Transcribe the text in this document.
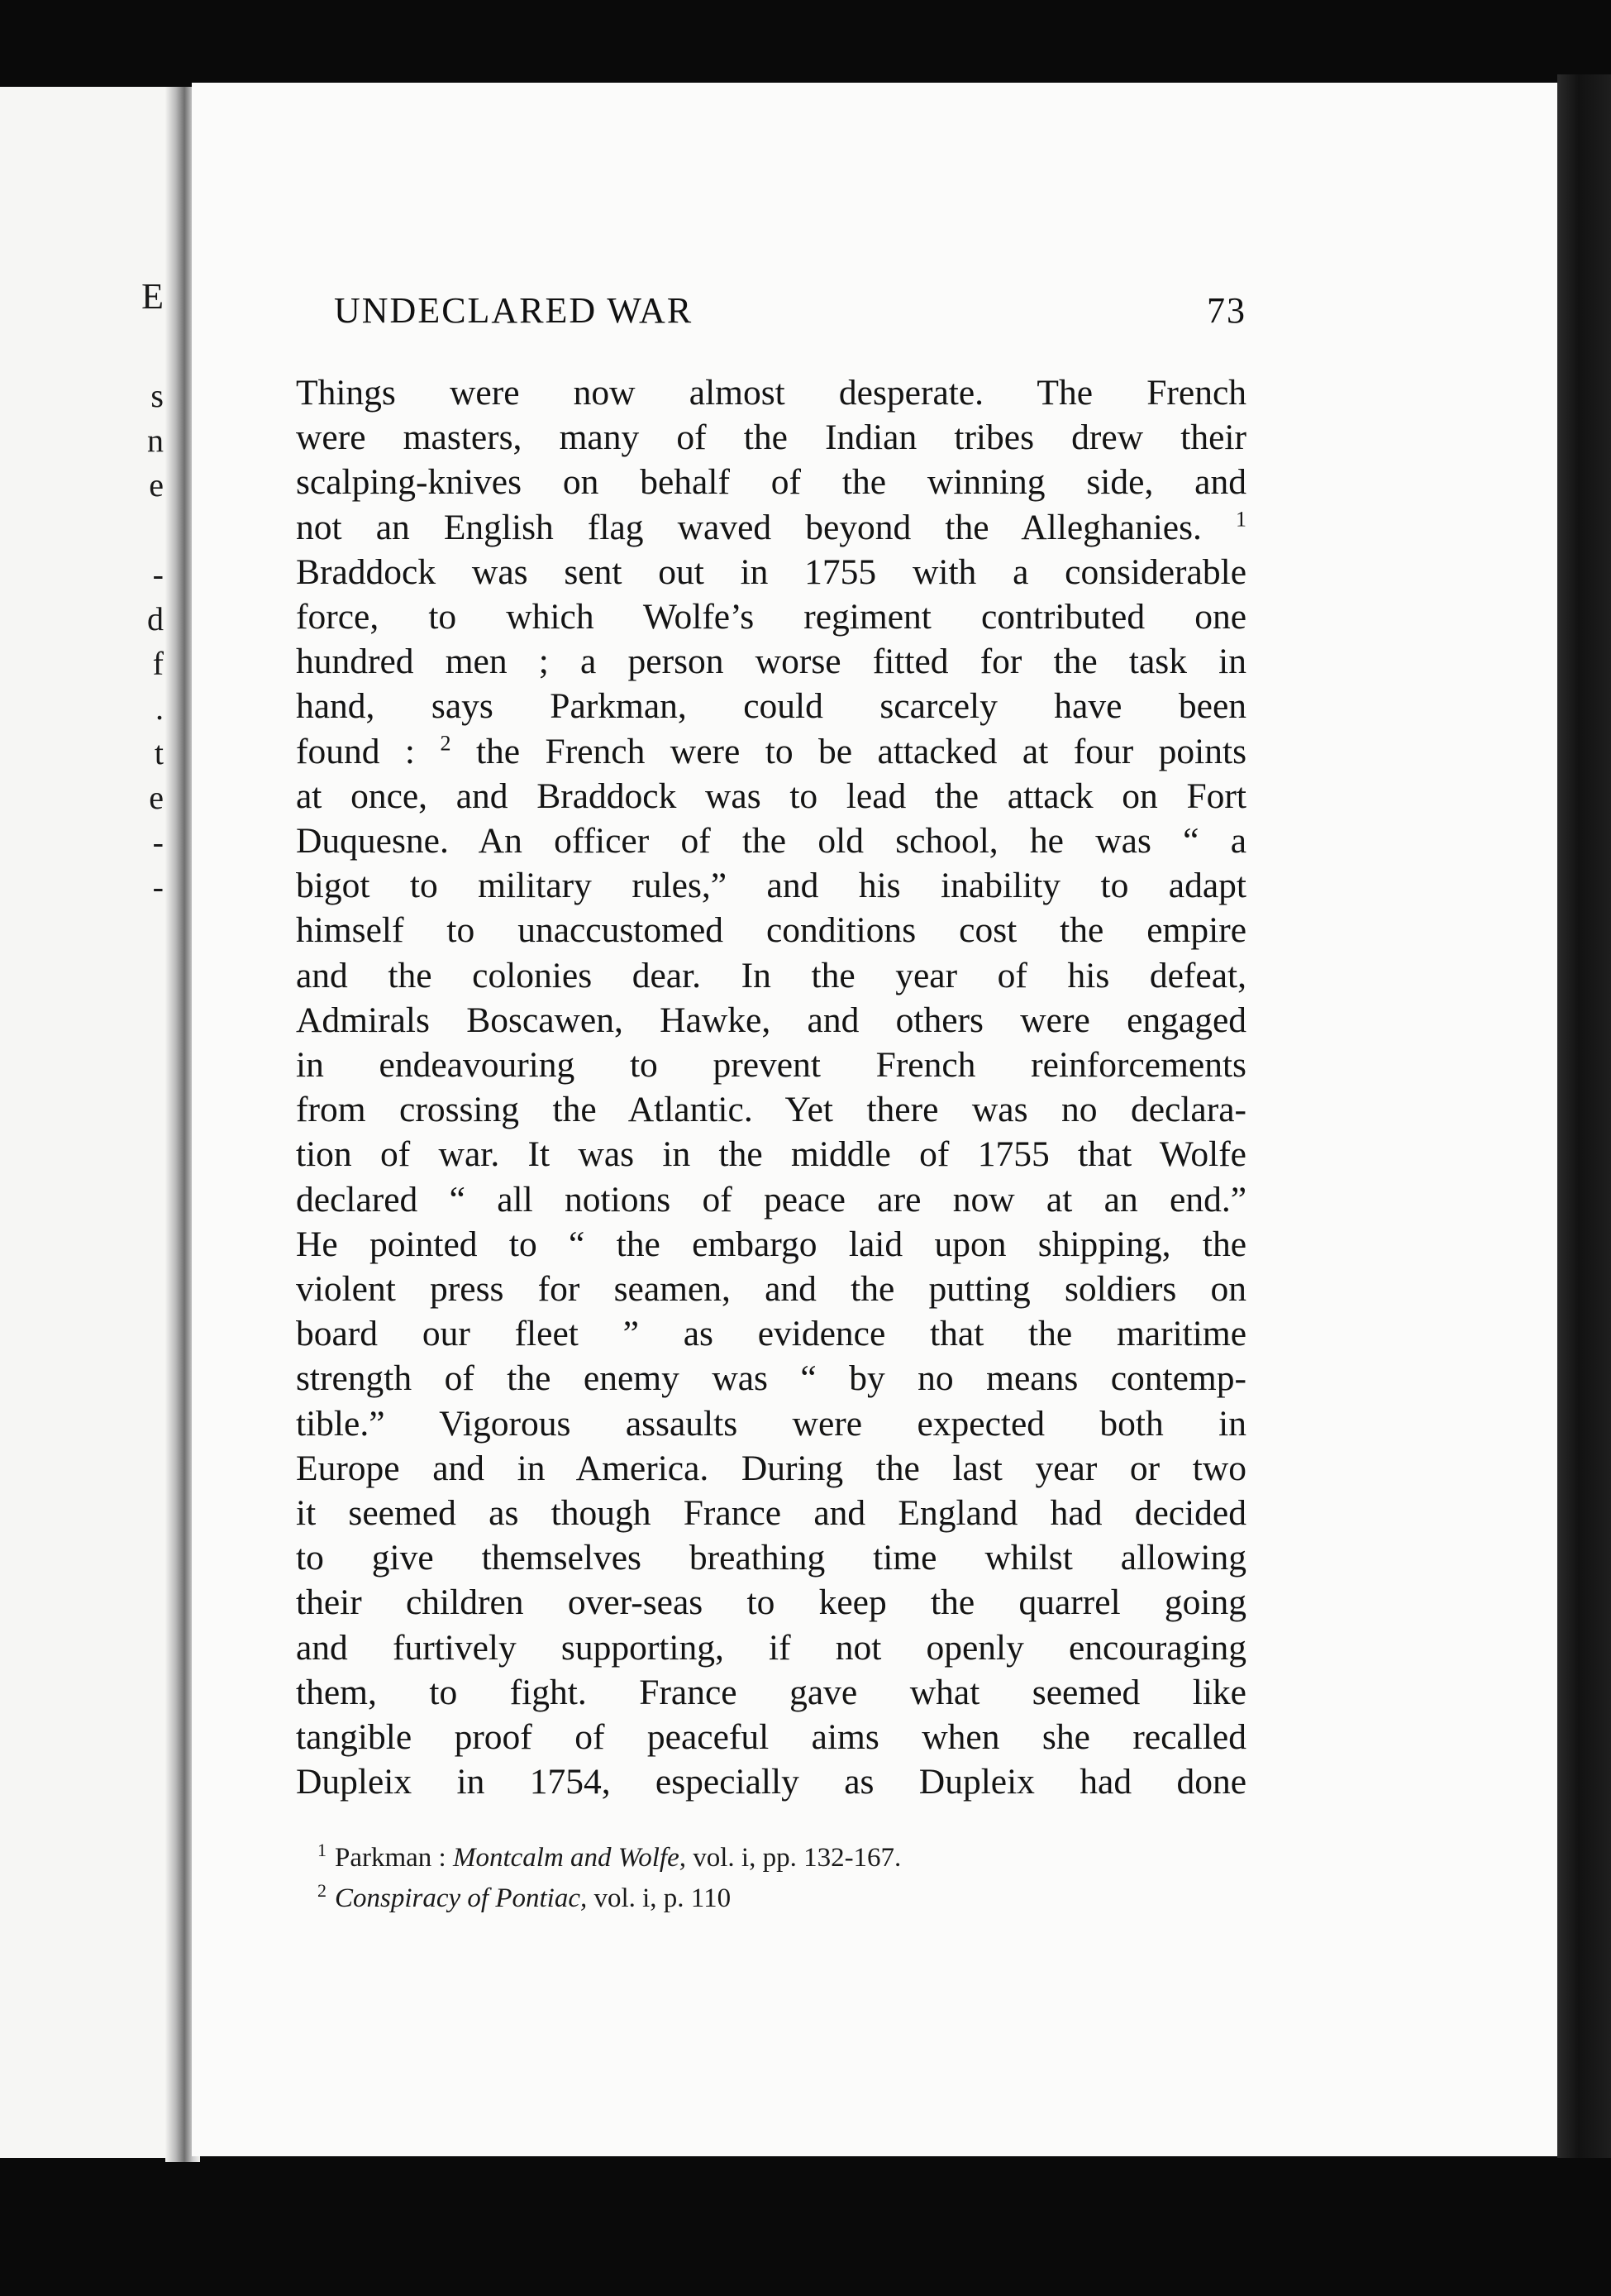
E
s
n
e
-
d
f
.
t
e
-
-
UNDECLARED WAR	73
Things were now almost desperate. The French
were masters, many of the Indian tribes drew their
scalping-knives on behalf of the winning side, and
not an English flag waved beyond the Alleghanies. $^1$
Braddock was sent out in 1755 with a considerable
force, to which Wolfe’s regiment contributed one
hundred men ; a person worse fitted for the task in
hand, says Parkman, could scarcely have been
found : $^2$ the French were to be attacked at four points
at once, and Braddock was to lead the attack on Fort
Duquesne. An officer of the old school, he was “ a
bigot to military rules,” and his inability to adapt
himself to unaccustomed conditions cost the empire
and the colonies dear. In the year of his defeat,
Admirals Boscawen, Hawke, and others were engaged
in endeavouring to prevent French reinforcements
from crossing the Atlantic. Yet there was no declara-
tion of war. It was in the middle of 1755 that Wolfe
declared “ all notions of peace are now at an end.”
He pointed to “ the embargo laid upon shipping, the
violent press for seamen, and the putting soldiers on
board our fleet ” as evidence that the maritime
strength of the enemy was “ by no means contemp-
tible.” Vigorous assaults were expected both in
Europe and in America. During the last year or two
it seemed as though France and England had decided
to give themselves breathing time whilst allowing
their children over-seas to keep the quarrel going
and furtively supporting, if not openly encouraging
them, to fight. France gave what seemed like
tangible proof of peaceful aims when she recalled
Dupleix in 1754, especially as Dupleix had done
$^1$ Parkman : Montcalm and Wolfe, vol. i, pp. 132-167.
$^2$ Conspiracy of Pontiac, vol. i, p. 110
